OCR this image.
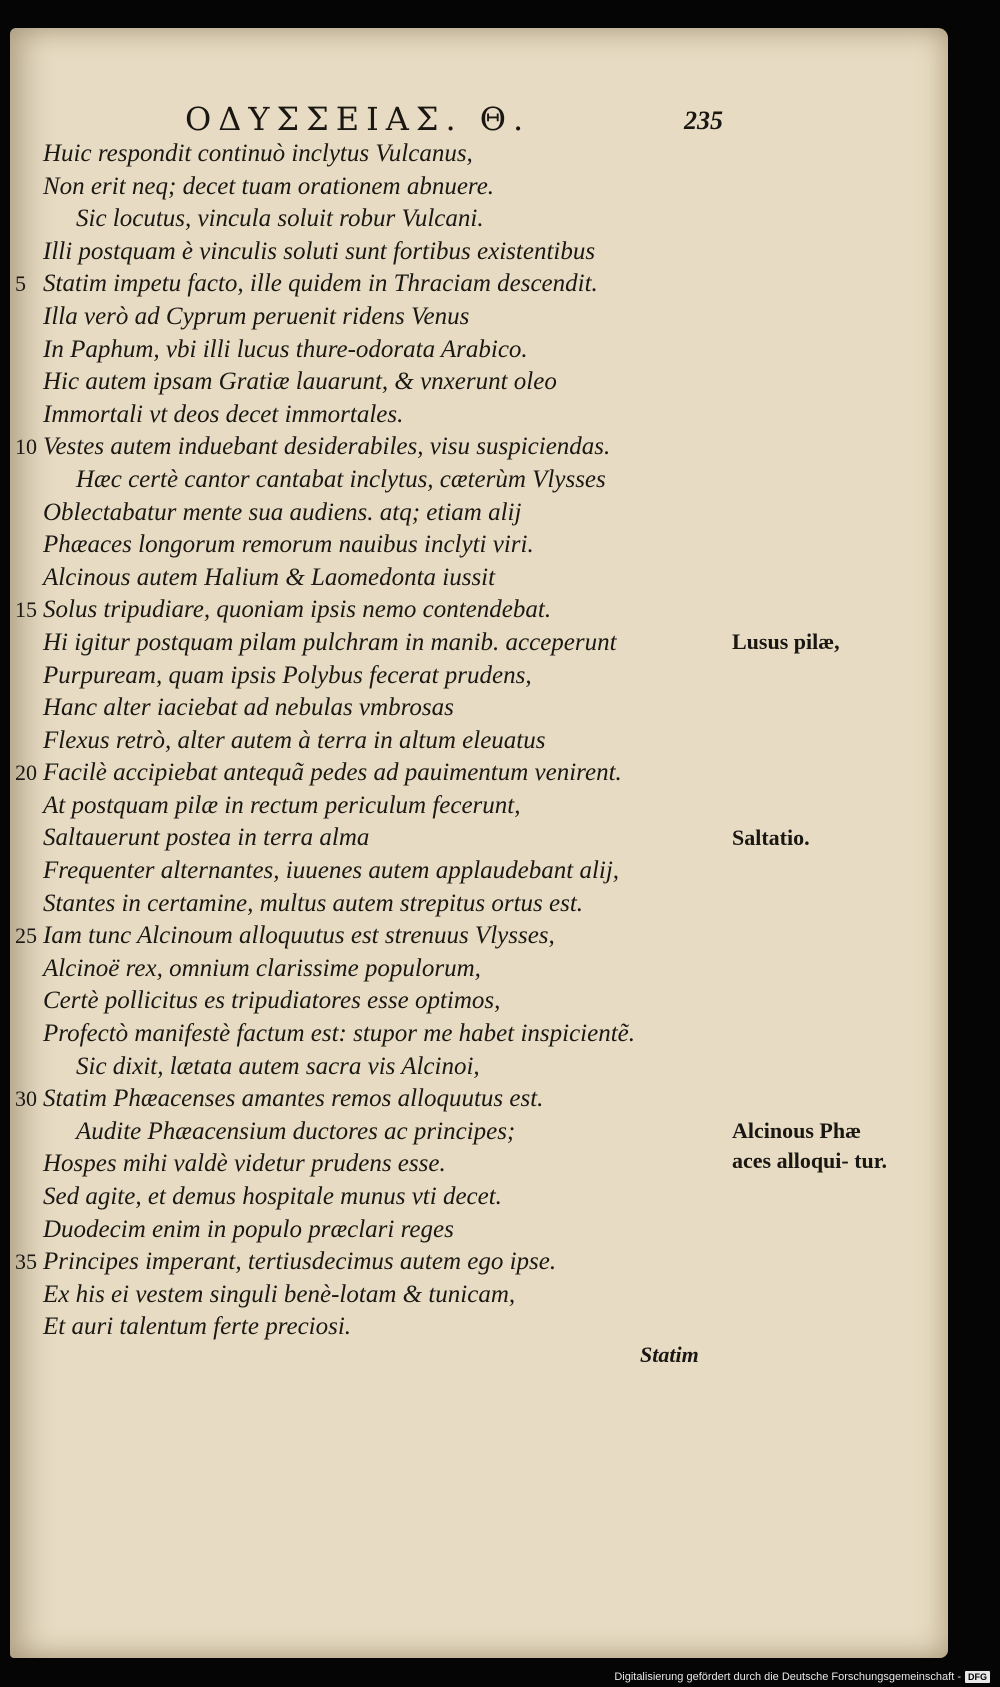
ΟΔΥΣΣΕΙΑΣ. Θ.	235
Huic respondit continuò inclytus Vulcanus,
Non erit neq; decet tuam orationem abnuere.
Sic locutus, vincula soluit robur Vulcani.
Illi postquam è vinculis soluti sunt fortibus existentibus
5 Statim impetu facto, ille quidem in Thraciam descendit.
Illa verò ad Cyprum peruenit ridens Venus
In Paphum, vbi illi lucus thure-odorata Arabico.
Hic autem ipsam Gratiæ lauarunt, & vnxerunt oleo
Immortali vt deos decet immortales.
10 Vestes autem induebant desiderabiles, visu suspiciendas.
Hæc certè cantor cantabat inclytus, cæterùm Vlysses
Oblectabatur mente sua audiens. atq; etiam alij
Phæaces longorum remorum nauibus inclyti viri.
Alcinous autem Halium & Laomedonta iussit
15 Solus tripudiare, quoniam ipsis nemo contendebat.
Hi igitur postquam pilam pulchram in manib. acceperunt
Purpuream, quam ipsis Polybus fecerat prudens,
Hanc alter iaciebat ad nebulas vmbrosas
Flexus retrò, alter autem à terra in altum eleuatus
20 Facilè accipiebat antequã pedes ad pauimentum venirent.
At postquam pilæ in rectum periculum fecerunt,
Saltauerunt postea in terra alma
Frequenter alternantes, iuuenes autem applaudebant alij,
Stantes in certamine, multus autem strepitus ortus est.
25 Iam tunc Alcinoum alloquutus est strenuus Vlysses,
Alcinoë rex, omnium clarissime populorum,
Certè pollicitus es tripudiatores esse optimos,
Profectò manifestè factum est: stupor me habet inspicientẽ.
Sic dixit, lætata autem sacra vis Alcinoi,
30 Statim Phæacenses amantes remos alloquutus est.
Audite Phæacensium ductores ac principes;
Hospes mihi valdè videtur prudens esse.
Sed agite, et demus hospitale munus vti decet.
Duodecim enim in populo præclari reges
35 Principes imperant, tertiusdecimus autem ego ipse.
Ex his ei vestem singuli benè-lotam & tunicam,
Et auri talentum ferte preciosi.
Lusus pilæ,
Saltatio.
Alcinous Phæ aces alloqui- tur.
Statim
Digitalisierung gefördert durch die Deutsche Forschungsgemeinschaft - DFG
